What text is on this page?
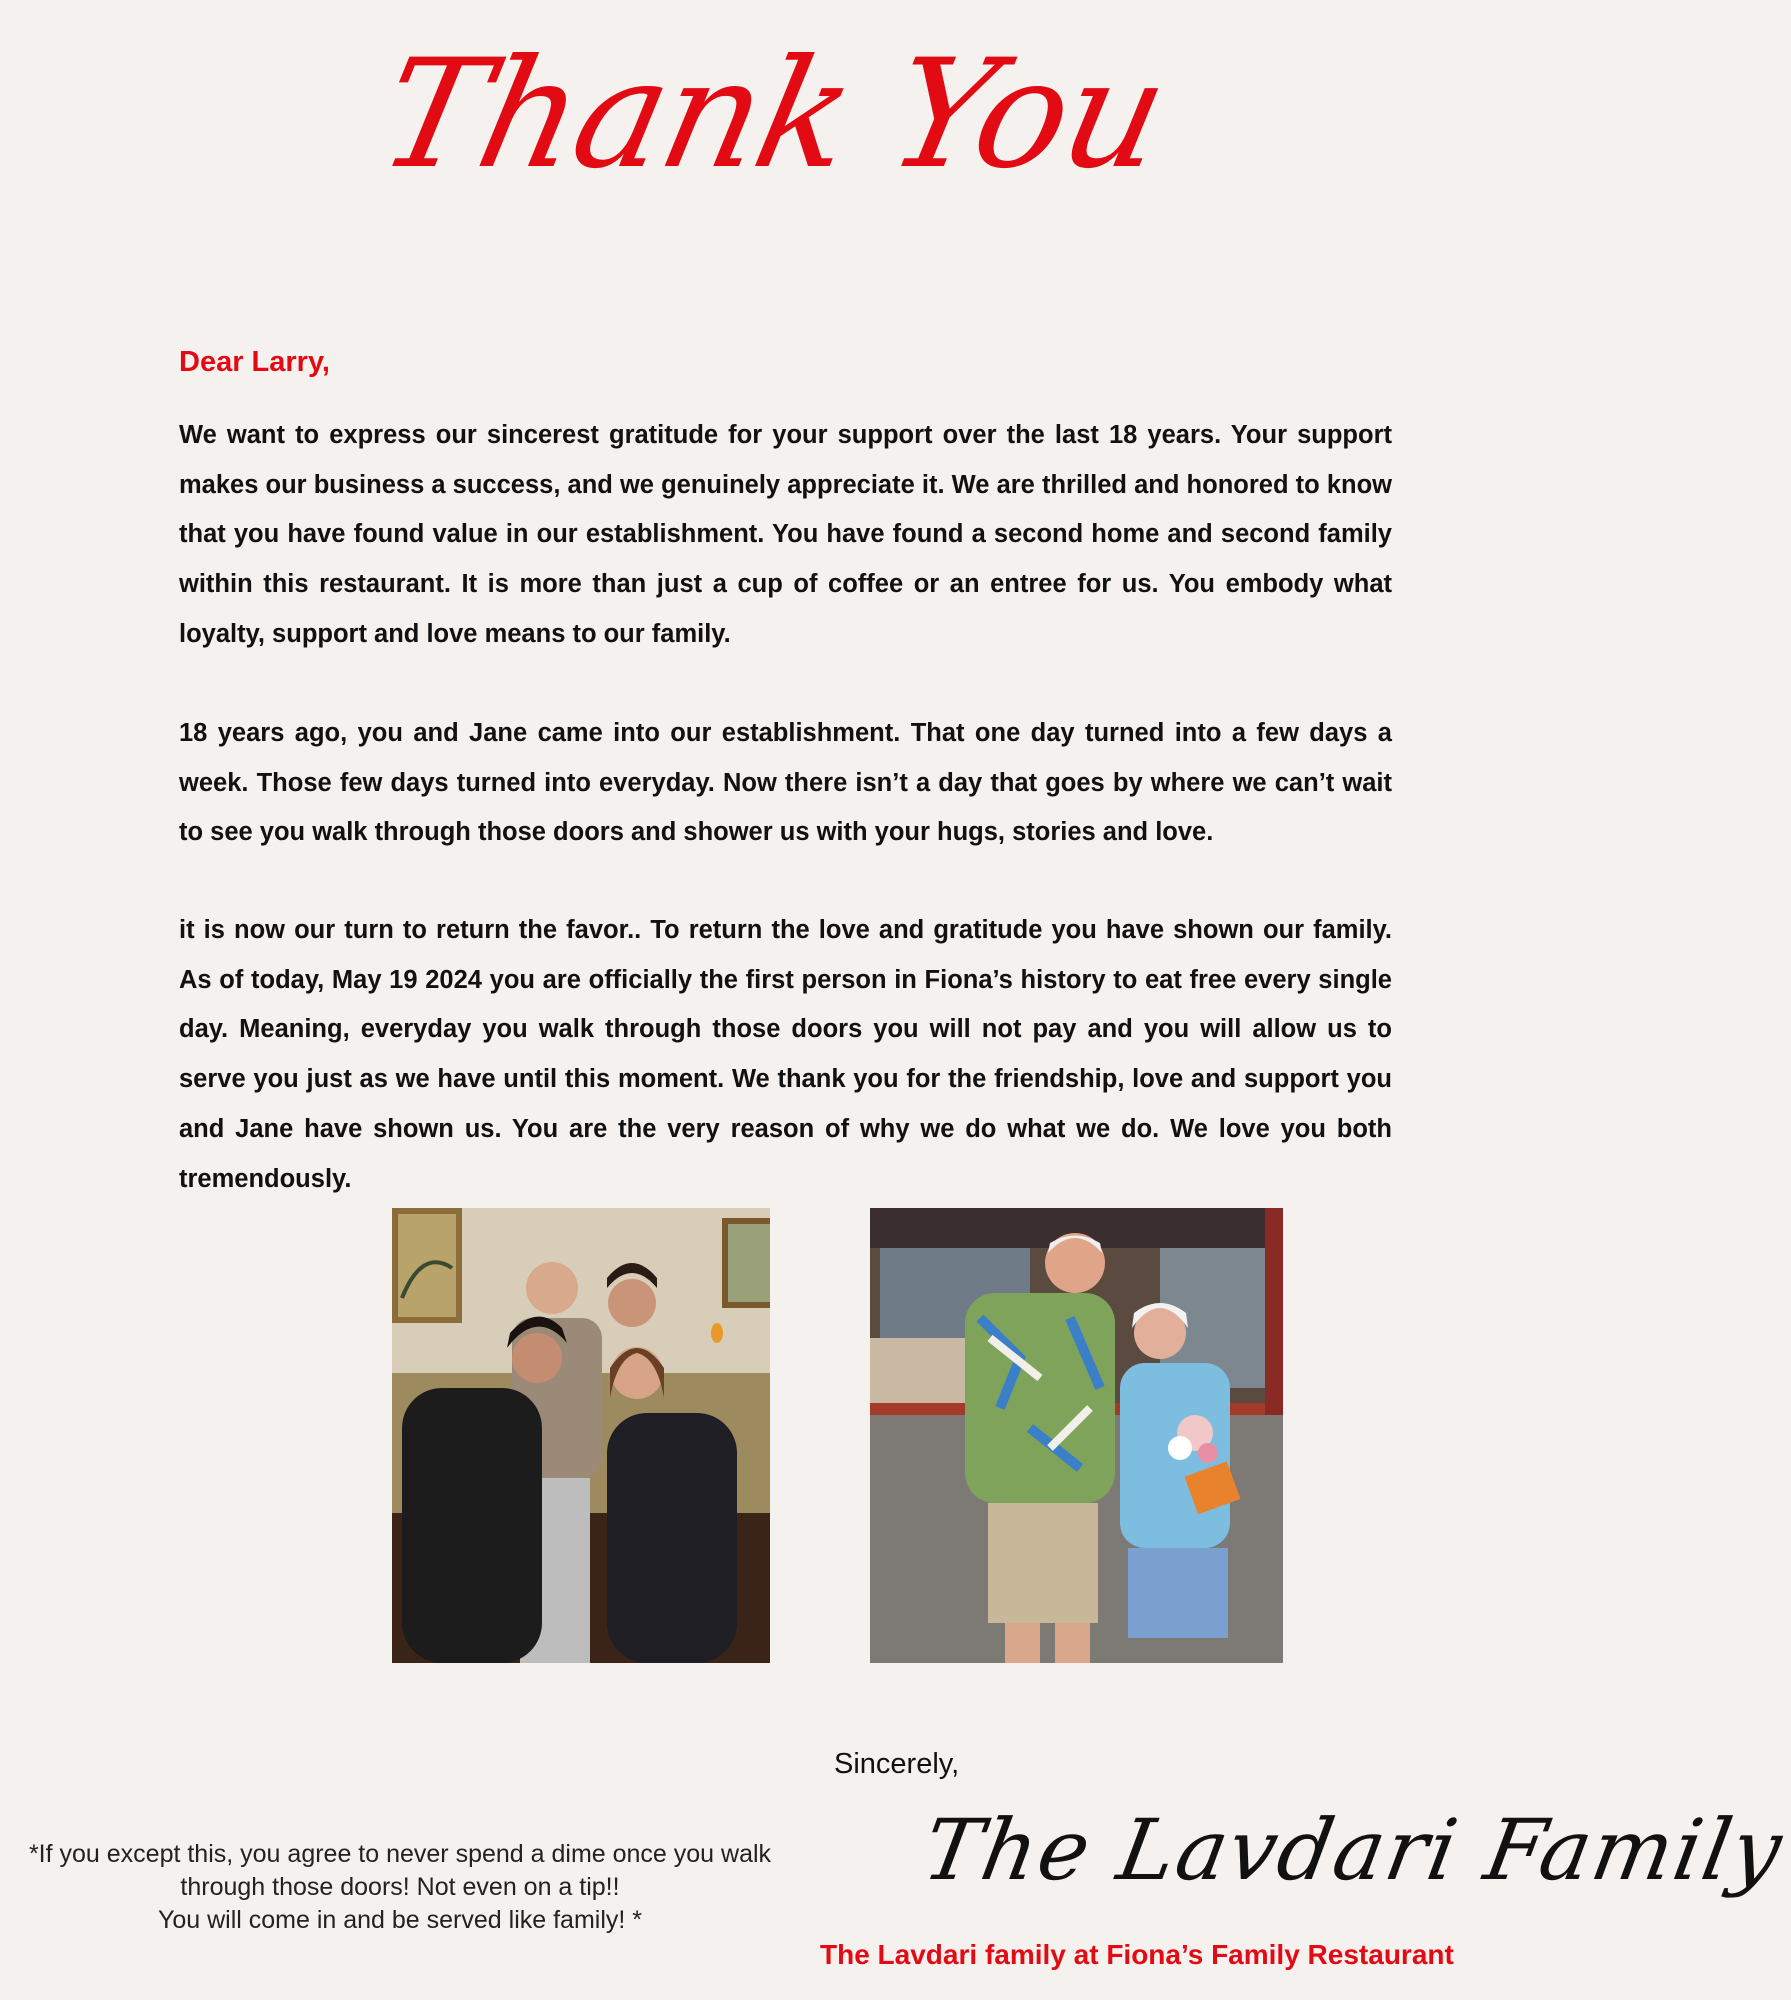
Thank You
Dear Larry,

We want to express our sincerest gratitude for your support over the last 18 years. Your support makes our business a success, and we genuinely appreciate it. We are thrilled and honored to know that you have found value in our establishment. You have found a second home and second family within this restaurant. It is more than just a cup of coffee or an entree for us. You embody what loyalty, support and love means to our family.

18 years ago, you and Jane came into our establishment. That one day turned into a few days a week. Those few days turned into everyday. Now there isn’t a day that goes by where we can’t wait to see you walk through those doors and shower us with your hugs, stories and love.

it is now our turn to return the favor.. To return the love and gratitude you have shown our family. As of today, May 19 2024 you are officially the first person in Fiona’s history to eat free every single day. Meaning, everyday you walk through those doors you will not pay and you will allow us to serve you just as we have until this moment. We thank you for the friendship, love and support you and Jane have shown us. You are the very reason of why we do what we do. We love you both tremendously.

Sincerely,
The Lavdari Family
The Lavdari family at Fiona’s Family Restaurant
*If you except this, you agree to never spend a dime once you walk
through those doors! Not even on a tip!!
You will come in and be served like family! *
